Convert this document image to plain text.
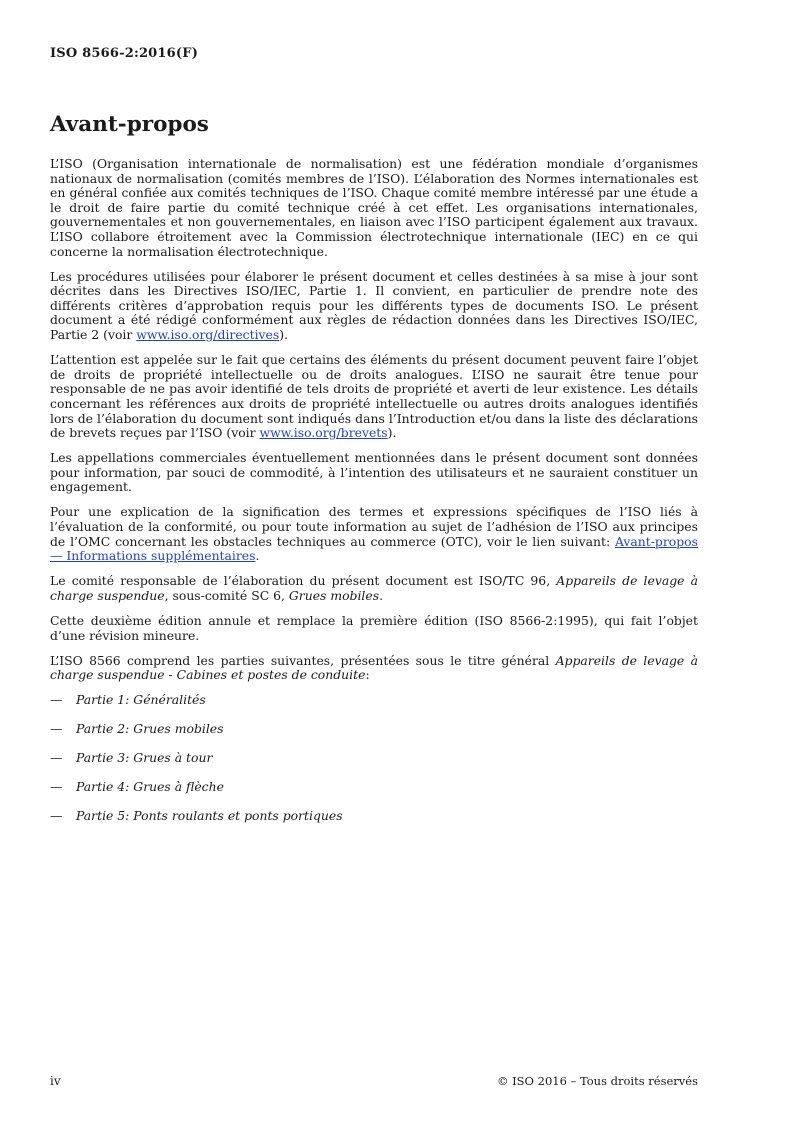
ISO 8566-2:2016(F)
Avant-propos

L’ISO (Organisation internationale de normalisation) est une fédération mondiale d’organismes nationaux de normalisation (comités membres de l’ISO). L’élaboration des Normes internationales est en général confiée aux comités techniques de l’ISO. Chaque comité membre intéressé par une étude a le droit de faire partie du comité technique créé à cet effet. Les organisations internationales, gouvernementales et non gouvernementales, en liaison avec l’ISO participent également aux travaux. L’ISO collabore étroitement avec la Commission électrotechnique internationale (IEC) en ce qui concerne la normalisation électrotechnique.

Les procédures utilisées pour élaborer le présent document et celles destinées à sa mise à jour sont décrites dans les Directives ISO/IEC, Partie 1. Il convient, en particulier de prendre note des différents critères d’approbation requis pour les différents types de documents ISO. Le présent document a été rédigé conformément aux règles de rédaction données dans les Directives ISO/IEC, Partie 2 (voir www.iso.org/directives).

L’attention est appelée sur le fait que certains des éléments du présent document peuvent faire l’objet de droits de propriété intellectuelle ou de droits analogues. L’ISO ne saurait être tenue pour responsable de ne pas avoir identifié de tels droits de propriété et averti de leur existence. Les détails concernant les références aux droits de propriété intellectuelle ou autres droits analogues identifiés lors de l’élaboration du document sont indiqués dans l’Introduction et/ou dans la liste des déclarations de brevets reçues par l’ISO (voir www.iso.org/brevets).

Les appellations commerciales éventuellement mentionnées dans le présent document sont données pour information, par souci de commodité, à l’intention des utilisateurs et ne sauraient constituer un engagement.

Pour une explication de la signification des termes et expressions spécifiques de l’ISO liés à l’évaluation de la conformité, ou pour toute information au sujet de l’adhésion de l’ISO aux principes de l’OMC concernant les obstacles techniques au commerce (OTC), voir le lien suivant: Avant-propos — Informations supplémentaires.

Le comité responsable de l’élaboration du présent document est ISO/TC 96, Appareils de levage à charge suspendue, sous-comité SC 6, Grues mobiles.

Cette deuxième édition annule et remplace la première édition (ISO 8566-2:1995), qui fait l’objet d’une révision mineure.

L’ISO 8566 comprend les parties suivantes, présentées sous le titre général Appareils de levage à charge suspendue - Cabines et postes de conduite:

— Partie 1: Généralités
— Partie 2: Grues mobiles
— Partie 3: Grues à tour
— Partie 4: Grues à flèche
— Partie 5: Ponts roulants et ponts portiques
iv	© ISO 2016 – Tous droits réservés
